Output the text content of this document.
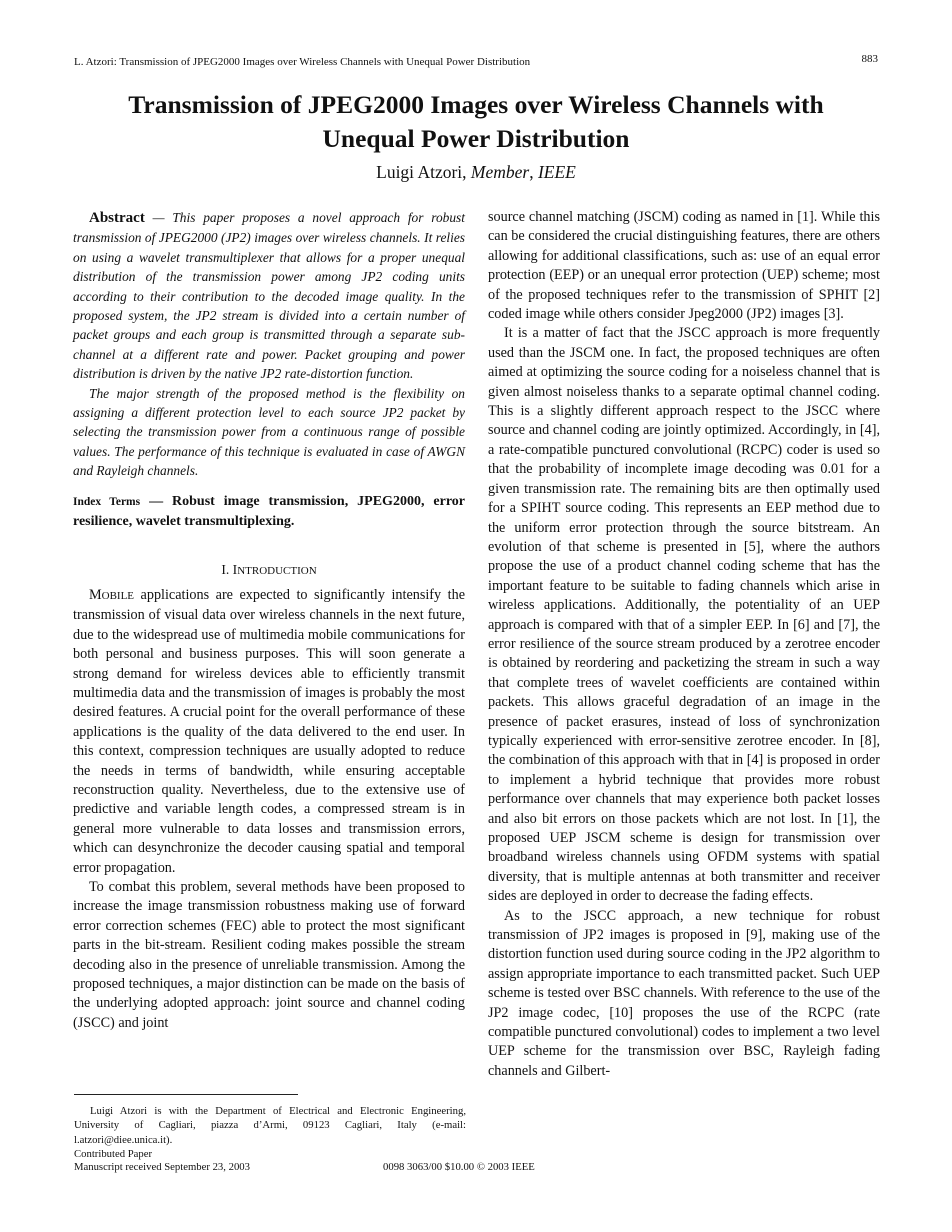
L. Atzori: Transmission of JPEG2000 Images over Wireless Channels with Unequal Power Distribution	883
Transmission of JPEG2000 Images over Wireless Channels with
Unequal Power Distribution
Luigi Atzori, Member, IEEE

Abstract — This paper proposes a novel approach for robust transmission of JPEG2000 (JP2) images over wireless channels. It relies on using a wavelet transmultiplexer that allows for a proper unequal distribution of the transmission power among JP2 coding units according to their contribution to the decoded image quality. In the proposed system, the JP2 stream is divided into a certain number of packet groups and each group is transmitted through a separate sub-channel at a different rate and power. Packet grouping and power distribution is driven by the native JP2 rate-distortion function.

The major strength of the proposed method is the flexibility on assigning a different protection level to each source JP2 packet by selecting the transmission power from a continuous range of possible values. The performance of this technique is evaluated in case of AWGN and Rayleigh channels.

Index Terms — Robust image transmission, JPEG2000, error resilience, wavelet transmultiplexing.
I. INTRODUCTION

MOBILE applications are expected to significantly intensify the transmission of visual data over wireless channels in the next future, due to the widespread use of multimedia mobile communications for both personal and business purposes. This will soon generate a strong demand for wireless devices able to efficiently transmit multimedia data and the transmission of images is probably the most desired features. A crucial point for the overall performance of these applications is the quality of the data delivered to the end user. In this context, compression techniques are usually adopted to reduce the needs in terms of bandwidth, while ensuring acceptable reconstruction quality. Nevertheless, due to the extensive use of predictive and variable length codes, a compressed stream is in general more vulnerable to data losses and transmission errors, which can desynchronize the decoder causing spatial and temporal error propagation.

To combat this problem, several methods have been proposed to increase the image transmission robustness making use of forward error correction schemes (FEC) able to protect the most significant parts in the bit-stream. Resilient coding makes possible the stream decoding also in the presence of unreliable transmission. Among the proposed techniques, a major distinction can be made on the basis of the underlying adopted approach: joint source and channel coding (JSCC) and joint

source channel matching (JSCM) coding as named in [1]. While this can be considered the crucial distinguishing features, there are others allowing for additional classifications, such as: use of an equal error protection (EEP) or an unequal error protection (UEP) scheme; most of the proposed techniques refer to the transmission of SPHIT [2] coded image while others consider Jpeg2000 (JP2) images [3].

It is a matter of fact that the JSCC approach is more frequently used than the JSCM one. In fact, the proposed techniques are often aimed at optimizing the source coding for a noiseless channel that is given almost noiseless thanks to a separate optimal channel coding. This is a slightly different approach respect to the JSCC where source and channel coding are jointly optimized. Accordingly, in [4], a rate-compatible punctured convolutional (RCPC) coder is used so that the probability of incomplete image decoding was 0.01 for a given transmission rate. The remaining bits are then optimally used for a SPIHT source coding. This represents an EEP method due to the uniform error protection through the source bitstream. An evolution of that scheme is presented in [5], where the authors propose the use of a product channel coding scheme that has the important feature to be suitable to fading channels which arise in wireless applications. Additionally, the potentiality of an UEP approach is compared with that of a simpler EEP. In [6] and [7], the error resilience of the source stream produced by a zerotree encoder is obtained by reordering and packetizing the stream in such a way that complete trees of wavelet coefficients are contained within packets. This allows graceful degradation of an image in the presence of packet erasures, instead of loss of synchronization typically experienced with error-sensitive zerotree encoder. In [8], the combination of this approach with that in [4] is proposed in order to implement a hybrid technique that provides more robust performance over channels that may experience both packet losses and also bit errors on those packets which are not lost. In [1], the proposed UEP JSCM scheme is design for transmission over broadband wireless channels using OFDM systems with spatial diversity, that is multiple antennas at both transmitter and receiver sides are deployed in order to decrease the fading effects.

As to the JSCC approach, a new technique for robust transmission of JP2 images is proposed in [9], making use of the distortion function used during source coding in the JP2 algorithm to assign appropriate importance to each transmitted packet. Such UEP scheme is tested over BSC channels. With reference to the use of the JP2 image codec, [10] proposes the use of the RCPC (rate compatible punctured convolutional) codes to implement a two level UEP scheme for the transmission over BSC, Rayleigh fading channels and Gilbert-

Luigi Atzori is with the Department of Electrical and Electronic Engineering, University of Cagliari, piazza d’Armi, 09123 Cagliari, Italy (e-mail: l.atzori@diee.unica.it).
Contributed Paper
Manuscript received September 23, 2003	0098 3063/00 $10.00 © 2003 IEEE
